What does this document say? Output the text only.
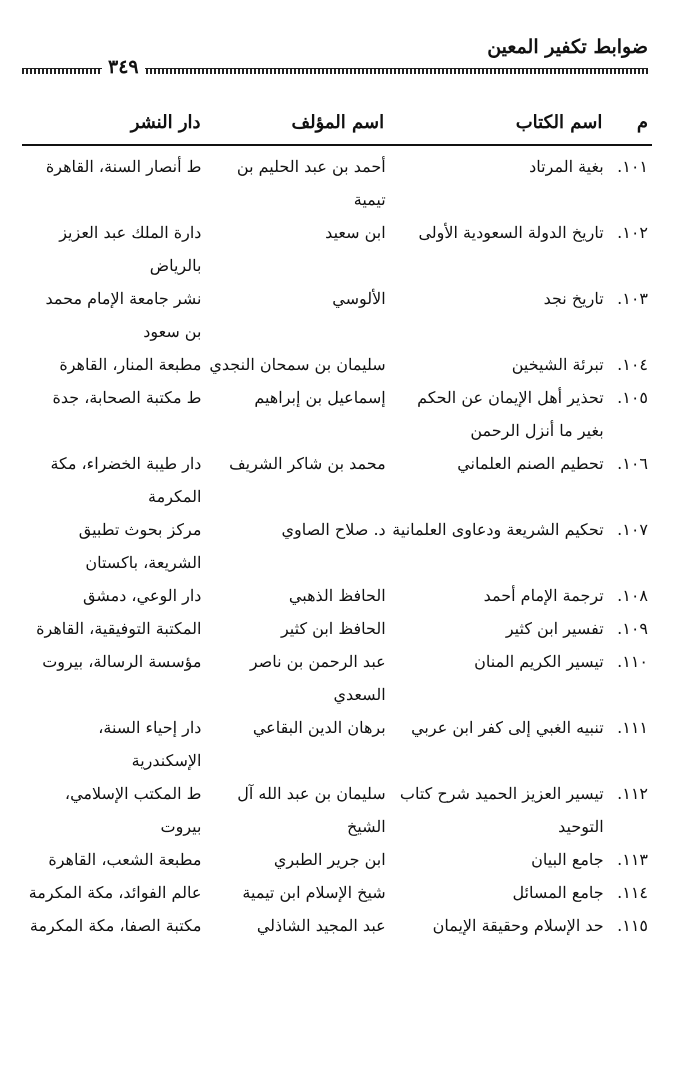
ضوابط تكفير المعين
٣٤٩
م
اسم الكتاب
اسم المؤلف
دار النشر
١٠١.
بغية المرتاد
أحمد بن عبد الحليم بن تيمية
ط أنصار السنة، القاهرة
١٠٢.
تاريخ الدولة السعودية الأولى
ابن سعيد
دارة الملك عبد العزيز بالرياض
١٠٣.
تاريخ نجد
الألوسي
نشر جامعة الإمام محمد بن سعود
١٠٤.
تبرئة الشيخين
سليمان بن سمحان النجدي
مطبعة المنار، القاهرة
١٠٥.
تحذير أهل الإيمان عن الحكم بغير ما أنزل الرحمن
إسماعيل بن إبراهيم
ط مكتبة الصحابة، جدة
١٠٦.
تحطيم الصنم العلماني
محمد بن شاكر الشريف
دار طيبة الخضراء، مكة المكرمة
١٠٧.
تحكيم الشريعة ودعاوى العلمانية
د. صلاح الصاوي
مركز بحوث تطبيق الشريعة، باكستان
١٠٨.
ترجمة الإمام أحمد
الحافظ الذهبي
دار الوعي، دمشق
١٠٩.
تفسير ابن كثير
الحافظ ابن كثير
المكتبة التوفيقية، القاهرة
١١٠.
تيسير الكريم المنان
عبد الرحمن بن ناصر السعدي
مؤسسة الرسالة، بيروت
١١١.
تنبيه الغبي إلى كفر ابن عربي
برهان الدين البقاعي
دار إحياء السنة، الإسكندرية
١١٢.
تيسير العزيز الحميد شرح كتاب التوحيد
سليمان بن عبد الله آل الشيخ
ط المكتب الإسلامي، بيروت
١١٣.
جامع البيان
ابن جرير الطبري
مطبعة الشعب، القاهرة
١١٤.
جامع المسائل
شيخ الإسلام ابن تيمية
عالم الفوائد، مكة المكرمة
١١٥.
حد الإسلام وحقيقة الإيمان
عبد المجيد الشاذلي
مكتبة الصفا، مكة المكرمة
